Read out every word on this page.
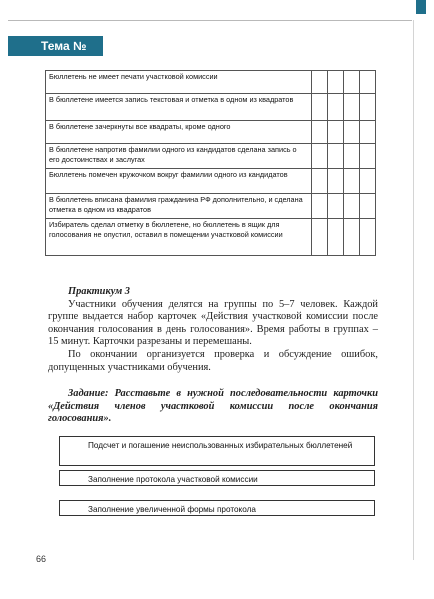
Тема № 6.8
Бюллетень не имеет печати участковой комиссии				
В бюллетене имеется запись текстовая и отметка в одном из квадратов				
В бюллетене зачеркнуты все квадраты, кроме одного				
В бюллетене напротив фамилии одного из кандидатов сделана запись о его достоинствах и заслугах				
Бюллетень помечен кружочком вокруг фамилии одного из кандидатов				
В бюллетень вписана фамилия гражданина РФ дополнительно, и сделана отметка в одном из квадратов				
Избиратель сделал отметку в бюллетене, но бюллетень в ящик для голосования не опустил, оставил в помещении участковой комиссии				

Практикум 3

Участники обучения делятся на группы по 5–7 человек. Каждой группе выдается набор карточек «Действия участковой комиссии после окончания голосования в день голосования». Время работы в группах – 15 минут. Карточки разрезаны и перемешаны.

По окончании организуется проверка и обсуждение ошибок, допущенных участниками обучения.

Задание: Расставьте в нужной последовательности карточки «Действия членов участковой комиссии после окончания голосования».

Подсчет и погашение неиспользованных избирательных бюллетеней
Заполнение протокола участковой комиссии
Заполнение увеличенной формы протокола
66
